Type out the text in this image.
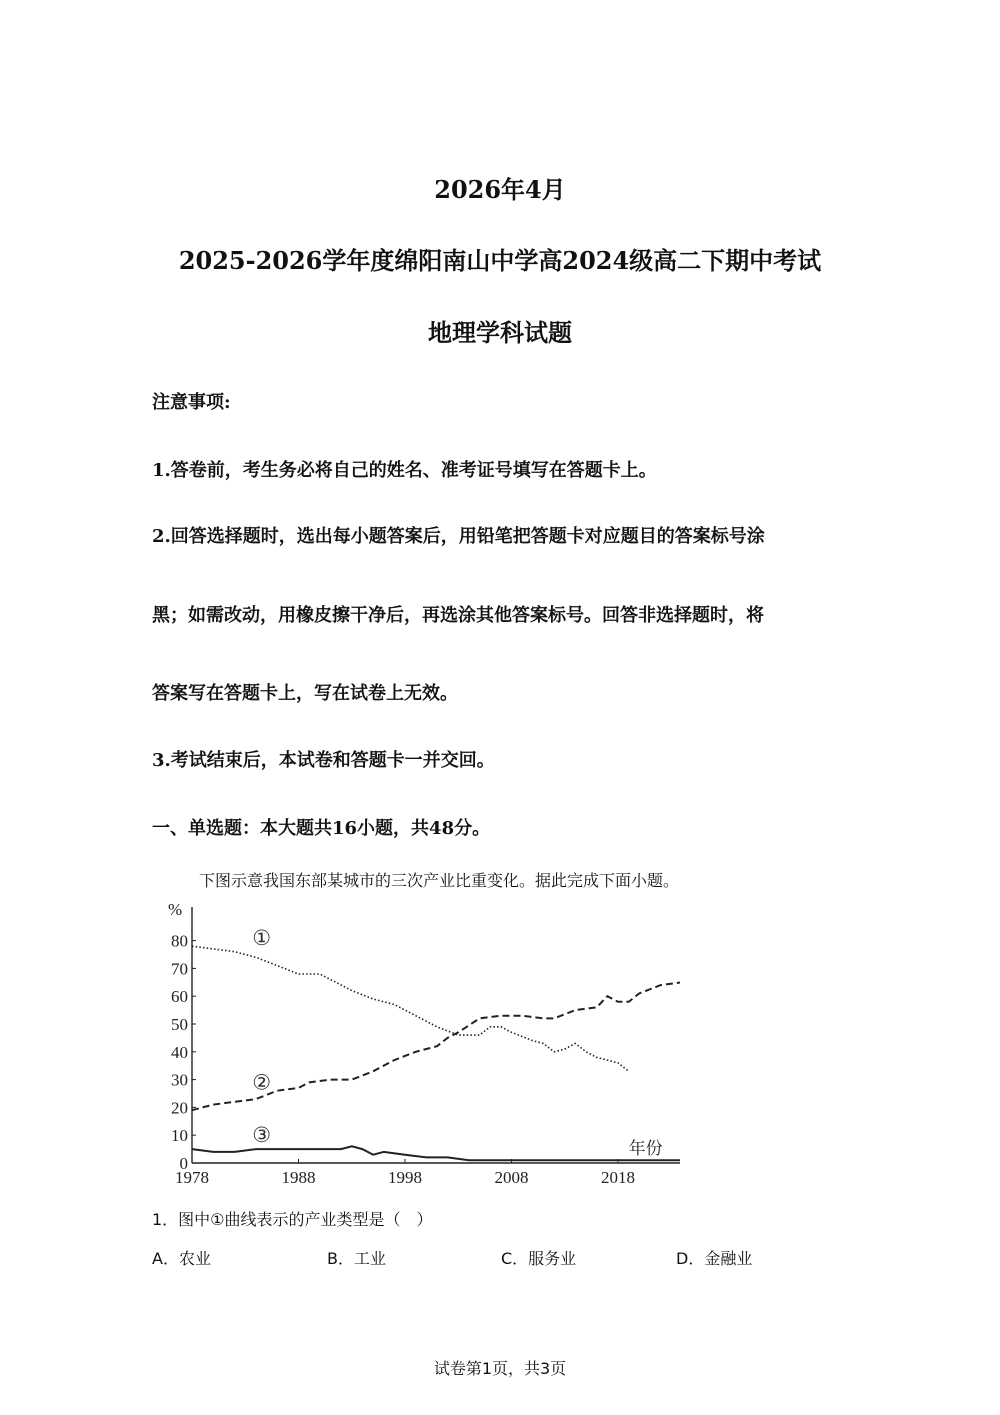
2026年4月
2025-2026学年度绵阳南山中学高2024级高二下期中考试
地理学科试题
注意事项:
1.答卷前，考生务必将自己的姓名、准考证号填写在答题卡上。
2.回答选择题时，选出每小题答案后，用铅笔把答题卡对应题目的答案标号涂
黑；如需改动，用橡皮擦干净后，再选涂其他答案标号。回答非选择题时，将
答案写在答题卡上，写在试卷上无效。
3.考试结束后，本试卷和答题卡一并交回。
一、单选题：本大题共16小题，共48分。
下图示意我国东部某城市的三次产业比重变化。据此完成下面小题。
0
10
20
30
40
50
60
70
80
%
1978	1988	1998	2008	2018
年份
①
②
③
1．图中①曲线表示的产业类型是（　）
A．农业	B．工业	C．服务业	D．金融业
试卷第1页，共3页
